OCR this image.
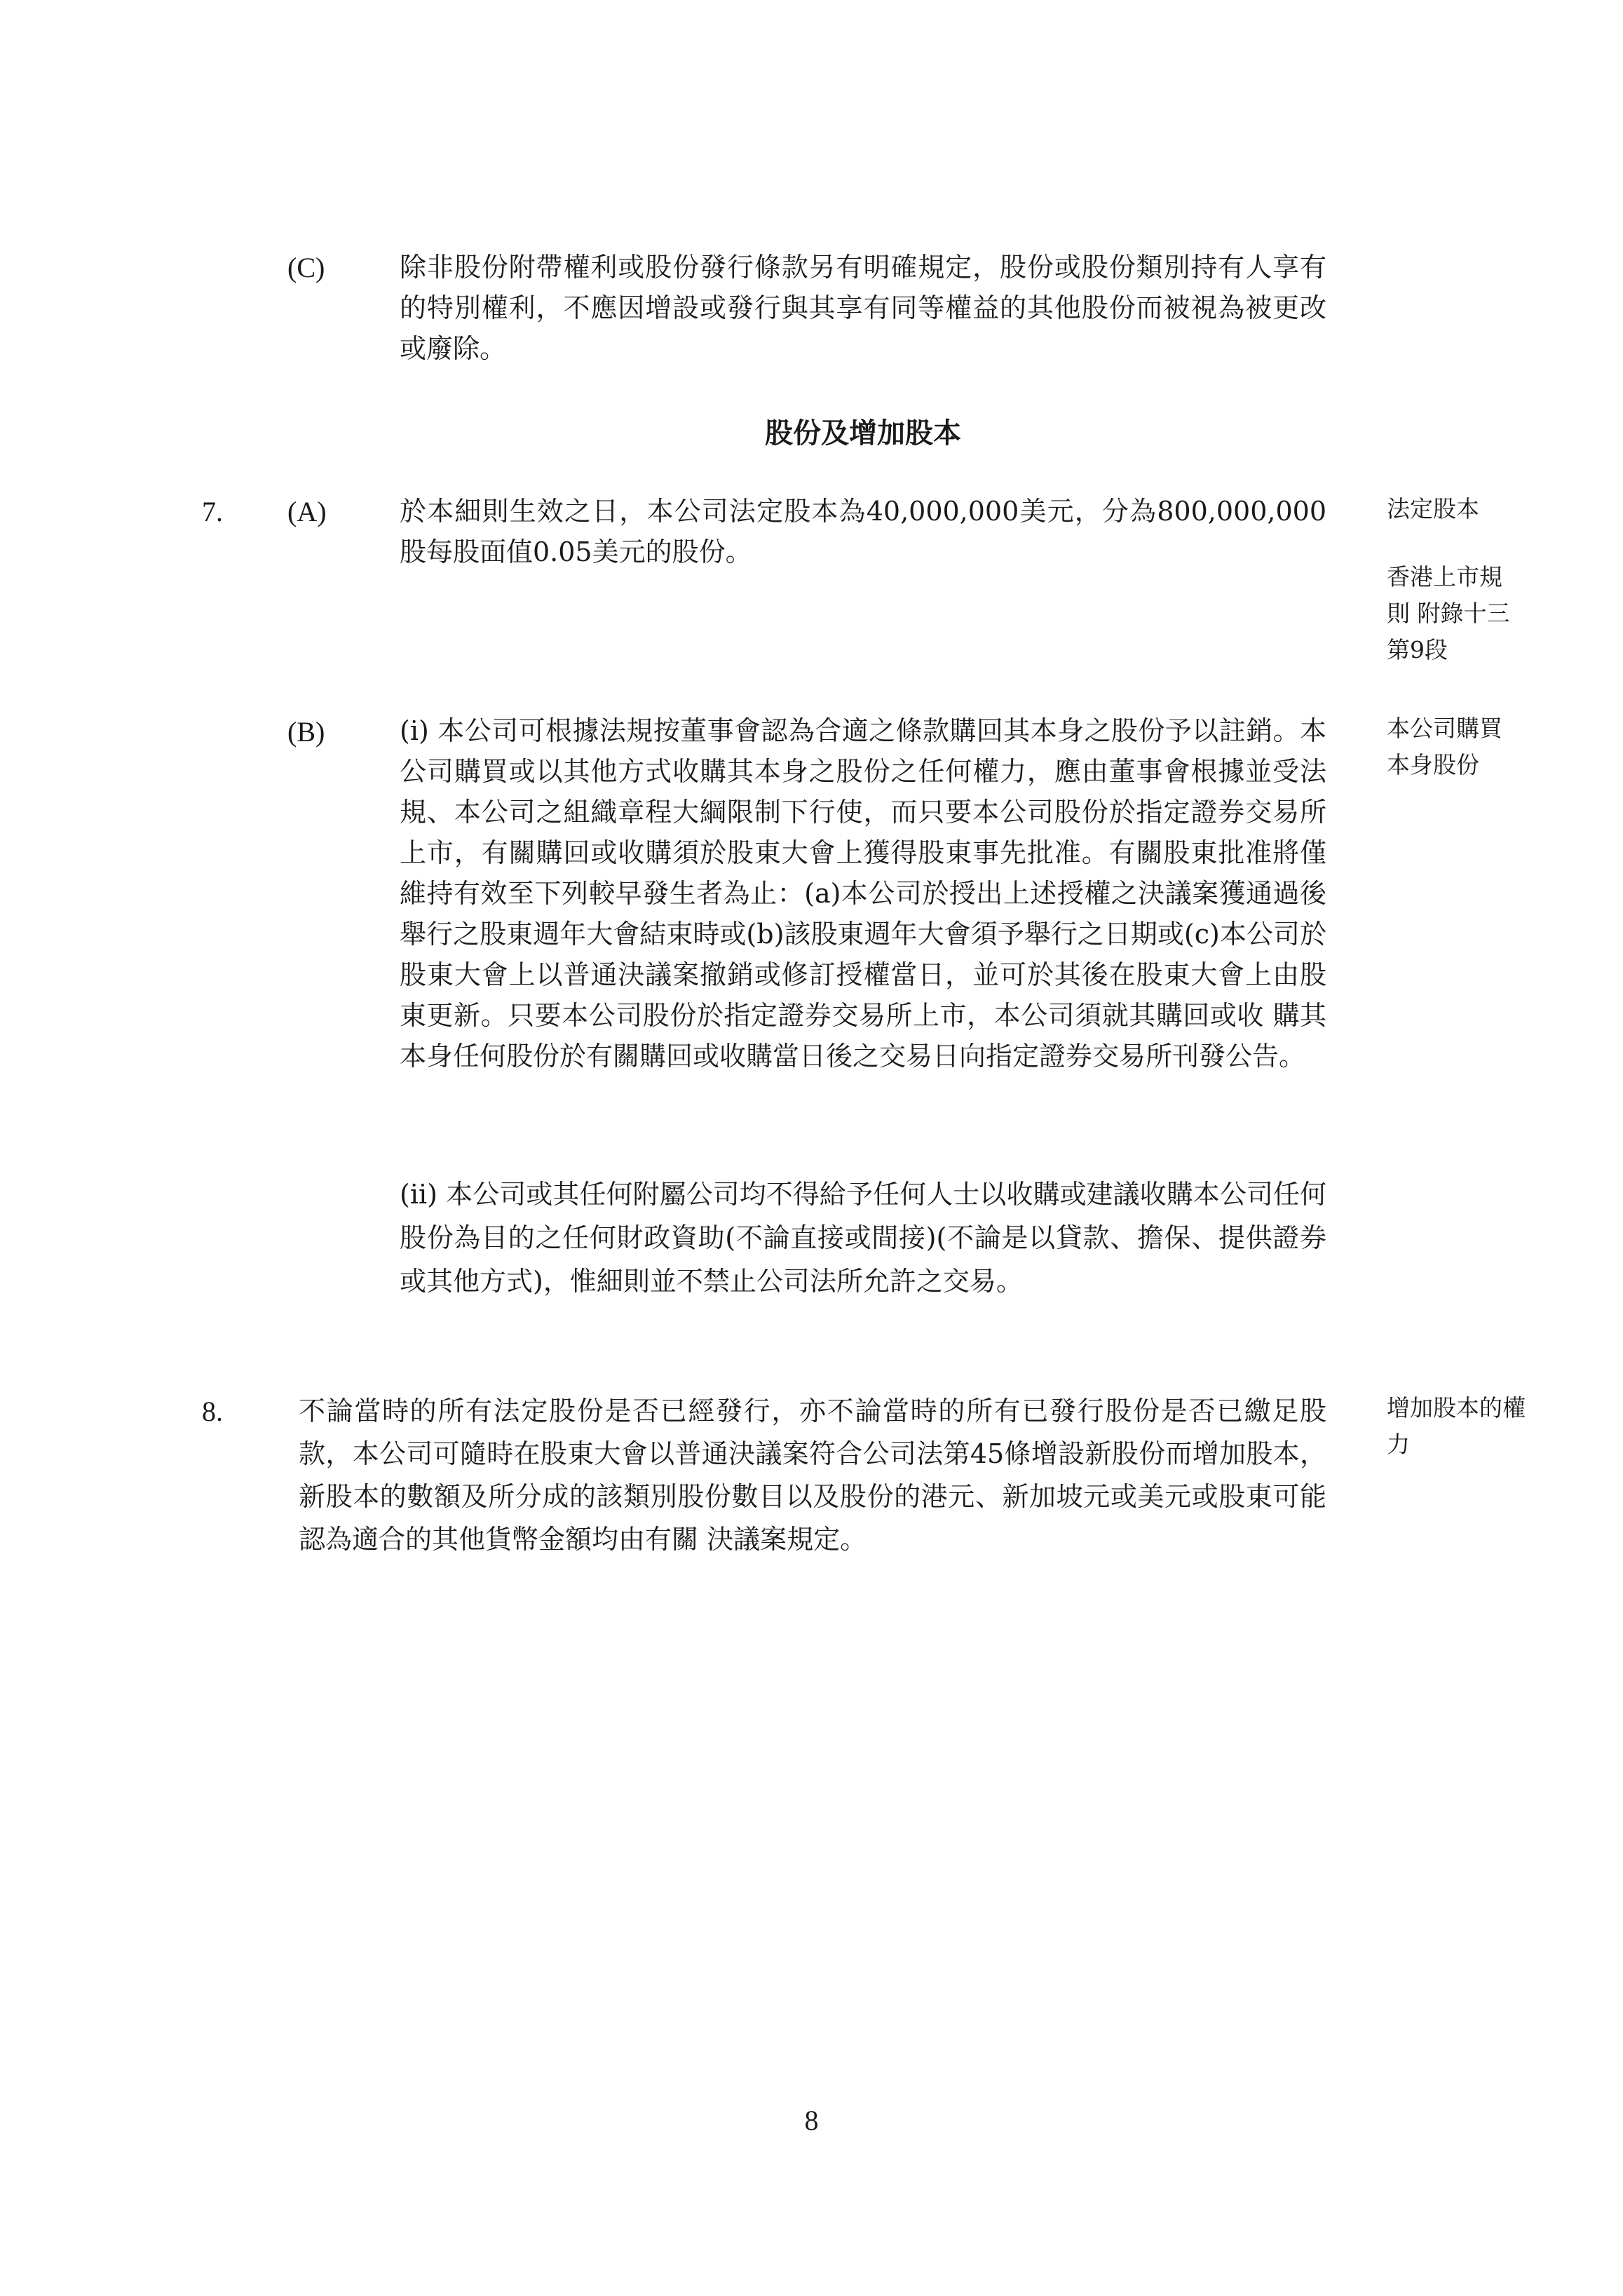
(C)	除非股份附帶權利或股份發行條款另有明確規定，股份或股份類別持有人享有的特別權利，不應因增設或發行與其享有同等權益的其他股份而被視為被更改或廢除。
股份及增加股本
7. (A)	於本細則生效之日，本公司法定股本為40,000,000美元，分為800,000,000股每股面值0.05美元的股份。
法定股本
香港上市規則 附錄十三第9段
(B)	(i) 本公司可根據法規按董事會認為合適之條款購回其本身之股份予以註銷。本公司購買或以其他方式收購其本身之股份之任何權力，應由董事會根據並受法規、本公司之組織章程大綱限制下行使，而只要本公司股份於指定證券交易所上市，有關購回或收購須於股東大會上獲得股東事先批准。有關股東批准將僅維持有效至下列較早發生者為止：(a)本公司於授出上述授權之決議案獲通過後舉行之股東週年大會結束時或(b)該股東週年大會須予舉行之日期或(c)本公司於股東大會上以普通決議案撤銷或修訂授權當日，並可於其後在股東大會上由股東更新。只要本公司股份於指定證券交易所上市，本公司須就其購回或收 購其本身任何股份於有關購回或收購當日後之交易日向指定證券交易所刊發公告。
(ii) 本公司或其任何附屬公司均不得給予任何人士以收購或建議收購本公司任何股份為目的之任何財政資助(不論直接或間接)(不論是以貸款、擔保、提供證券或其他方式)，惟細則並不禁止公司法所允許之交易。
本公司購買本身股份
8.	不論當時的所有法定股份是否已經發行，亦不論當時的所有已發行股份是否已繳足股款，本公司可隨時在股東大會以普通決議案符合公司法第45條增設新股份而增加股本，新股本的數額及所分成的該類別股份數目以及股份的港元、新加坡元或美元或股東可能認為適合的其他貨幣金額均由有關 決議案規定。
增加股本的權力
8
